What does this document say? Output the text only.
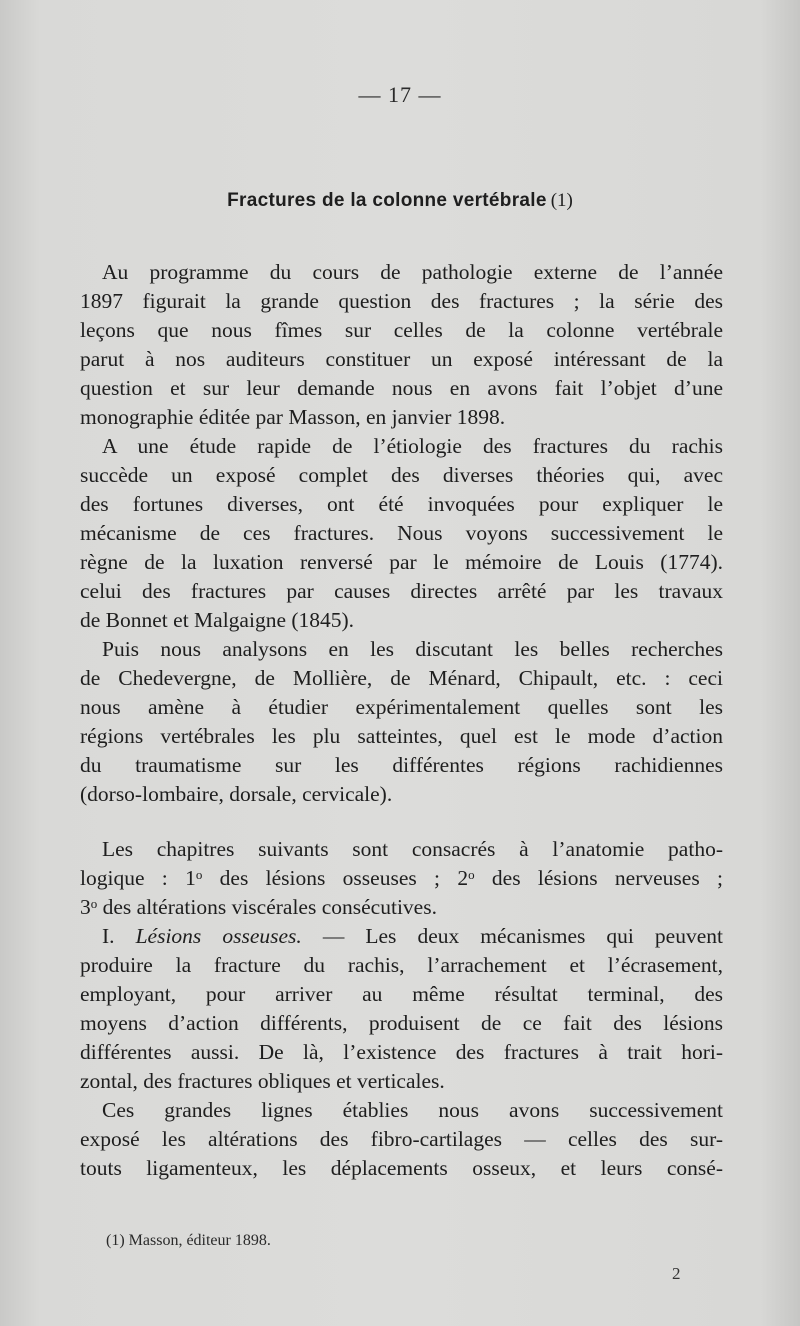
— 17 —
Fractures de la colonne vertébrale (1)
Au programme du cours de pathologie externe de l’année
1897 figurait la grande question des fractures ; la série des
leçons que nous fîmes sur celles de la colonne vertébrale
parut à nos auditeurs constituer un exposé intéressant de la
question et sur leur demande nous en avons fait l’objet d’une
monographie éditée par Masson, en janvier 1898.
A une étude rapide de l’étiologie des fractures du rachis
succède un exposé complet des diverses théories qui, avec
des fortunes diverses, ont été invoquées pour expliquer le
mécanisme de ces fractures. Nous voyons successivement le
règne de la luxation renversé par le mémoire de Louis (1774).
celui des fractures par causes directes arrêté par les travaux
de Bonnet et Malgaigne (1845).
Puis nous analysons en les discutant les belles recherches
de Chedevergne, de Mollière, de Ménard, Chipault, etc. : ceci
nous amène à étudier expérimentalement quelles sont les
régions vertébrales les plu satteintes, quel est le mode d’action
du traumatisme sur les différentes régions rachidiennes
(dorso-lombaire, dorsale, cervicale).
Les chapitres suivants sont consacrés à l’anatomie patho-
logique : 1$^o$ des lésions osseuses ; 2$^o$ des lésions nerveuses ;
3$^o$ des altérations viscérales consécutives.
I. Lésions osseuses. — Les deux mécanismes qui peuvent
produire la fracture du rachis, l’arrachement et l’écrasement,
employant, pour arriver au même résultat terminal, des
moyens d’action différents, produisent de ce fait des lésions
différentes aussi. De là, l’existence des fractures à trait hori-
zontal, des fractures obliques et verticales.
Ces grandes lignes établies nous avons successivement
exposé les altérations des fibro-cartilages — celles des sur-
touts ligamenteux, les déplacements osseux, et leurs consé-
(1) Masson, éditeur 1898.
2
